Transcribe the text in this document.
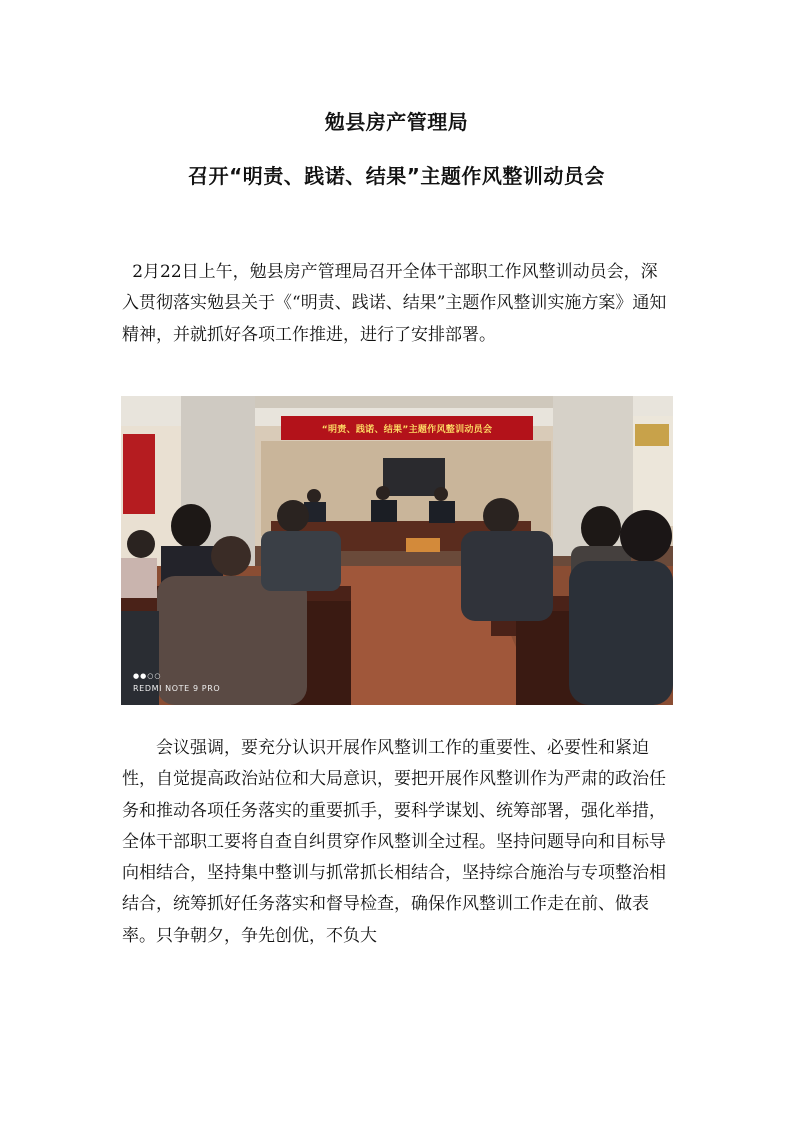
勉县房产管理局
召开“明责、践诺、结果”主题作风整训动员会

2月22日上午，勉县房产管理局召开全体干部职工作风整训动员会，深入贯彻落实勉县关于《“明责、践诺、结果”主题作风整训实施方案》通知精神，并就抓好各项工作推进，进行了安排部署。

“明责、践诺、结果”主题作风整训动员会
●●○○
REDMI NOTE 9 PRO

会议强调，要充分认识开展作风整训工作的重要性、必要性和紧迫性，自觉提高政治站位和大局意识，要把开展作风整训作为严肃的政治任务和推动各项任务落实的重要抓手，要科学谋划、统筹部署，强化举措，全体干部职工要将自查自纠贯穿作风整训全过程。坚持问题导向和目标导向相结合，坚持集中整训与抓常抓长相结合，坚持综合施治与专项整治相结合，统筹抓好任务落实和督导检查，确保作风整训工作走在前、做表率。只争朝夕，争先创优，不负大
